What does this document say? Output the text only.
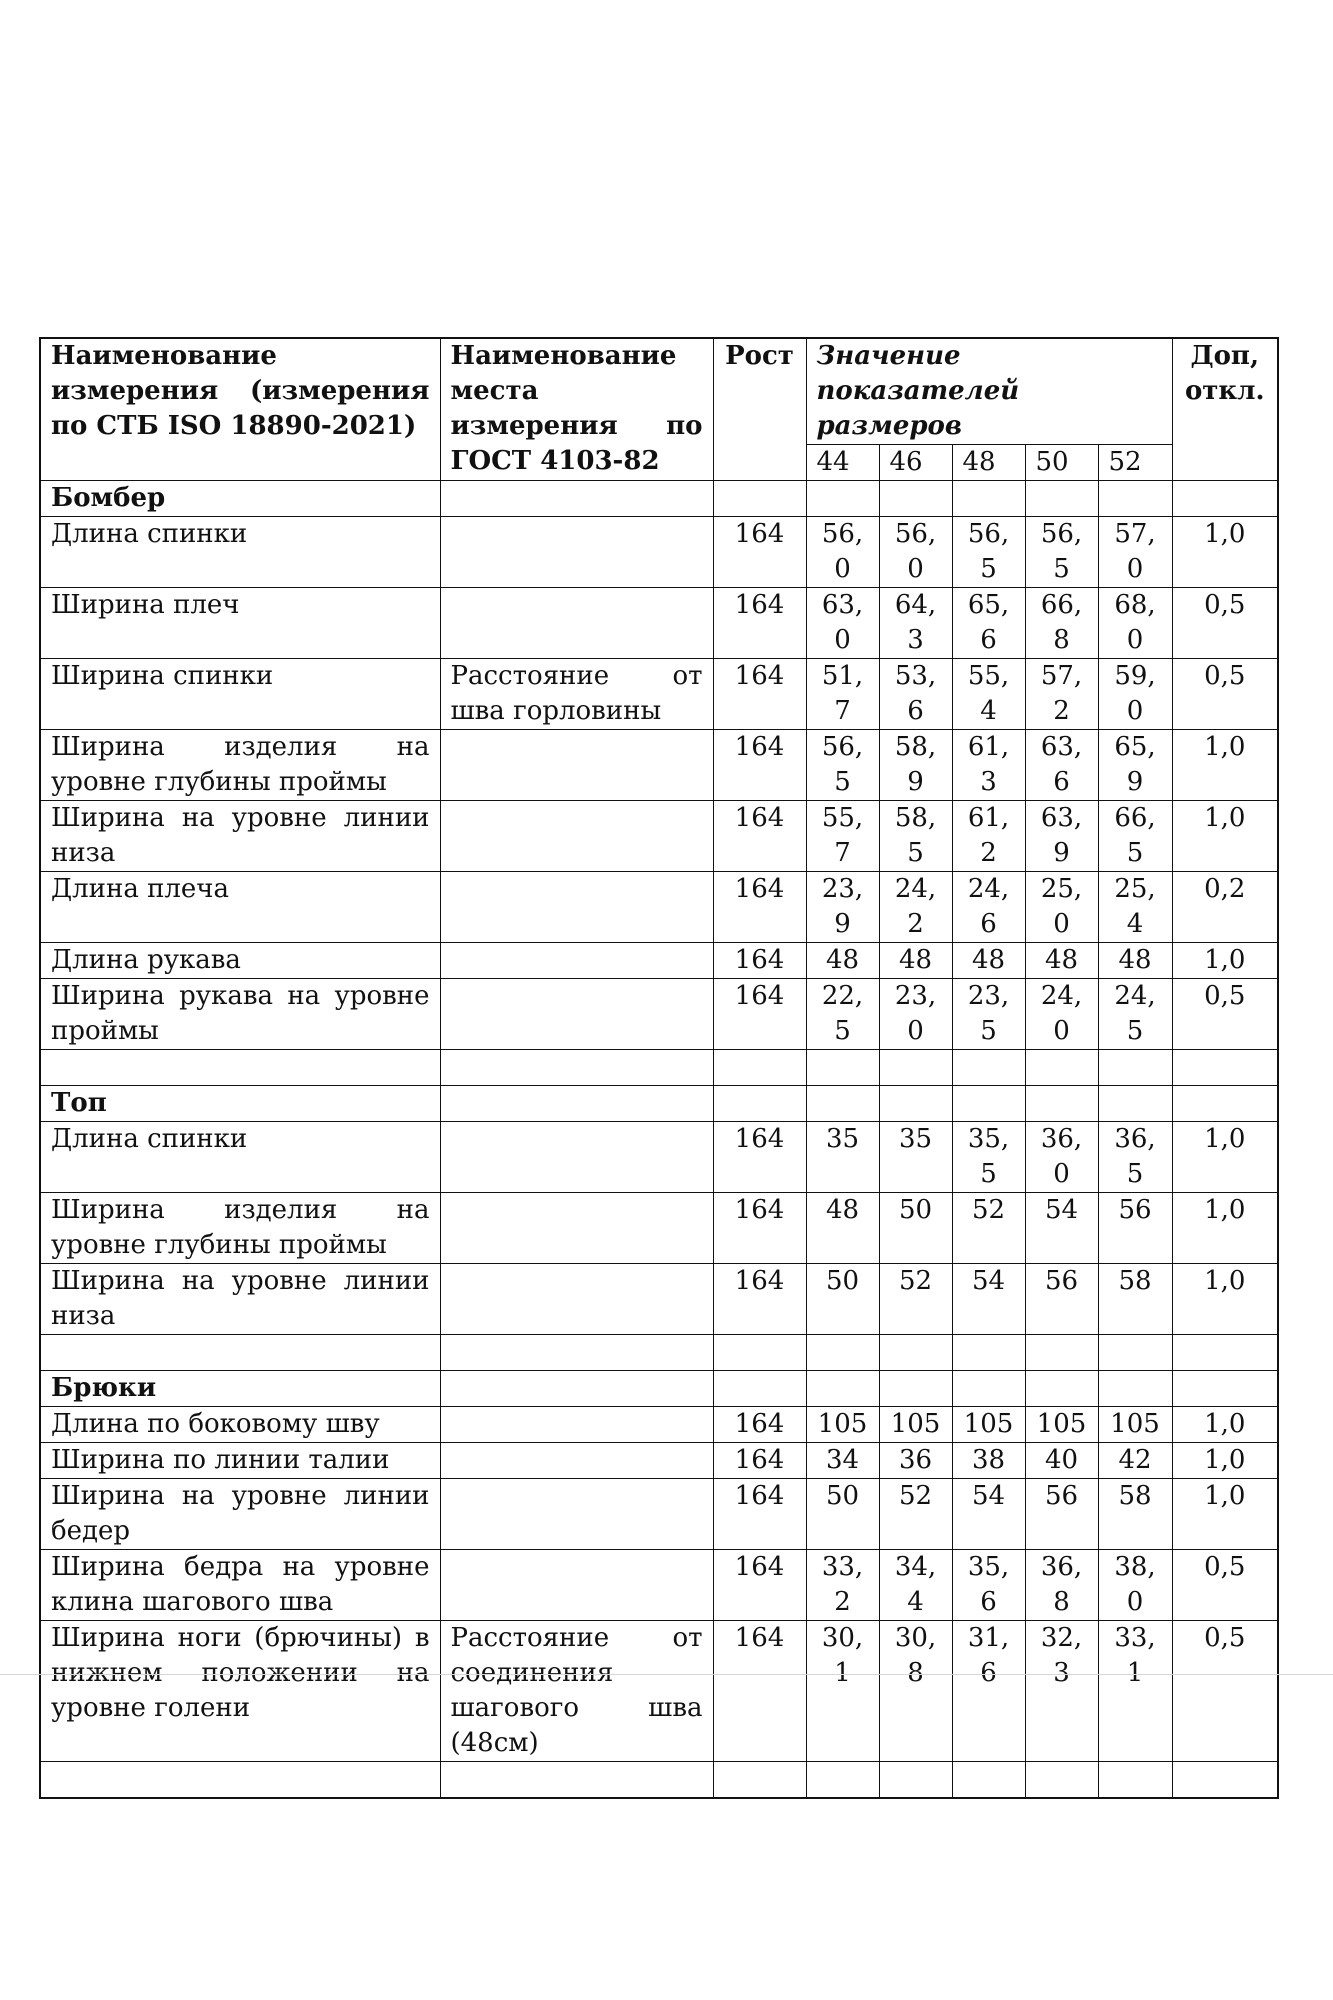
Наименование измерения (измерения по СТБ ISO 18890-2021)	Наименование места измерения по ГОСТ 4103-82	Рост	Значение показателей размеров					Доп, откл.
			44	46	48	50	52	
Бомбер								
Длина спинки		164	56,0	56,0	56,5	56,5	57,0	1,0
Ширина плеч		164	63,0	64,3	65,6	66,8	68,0	0,5
Ширина спинки	Расстояние от шва горловины	164	51,7	53,6	55,4	57,2	59,0	0,5
Ширина изделия на уровне глубины проймы		164	56,5	58,9	61,3	63,6	65,9	1,0
Ширина на уровне линии низа		164	55,7	58,5	61,2	63,9	66,5	1,0
Длина плеча		164	23,9	24,2	24,6	25,0	25,4	0,2
Длина рукава		164	48	48	48	48	48	1,0
Ширина рукава на уровне проймы		164	22,5	23,0	23,5	24,0	24,5	0,5

Топ								
Длина спинки		164	35	35	35,5	36,0	36,5	1,0
Ширина изделия на уровне глубины проймы		164	48	50	52	54	56	1,0
Ширина на уровне линии низа		164	50	52	54	56	58	1,0

Брюки								
Длина по боковому шву		164	105	105	105	105	105	1,0
Ширина по линии талии		164	34	36	38	40	42	1,0
Ширина на уровне линии бедер		164	50	52	54	56	58	1,0
Ширина бедра на уровне клина шагового шва		164	33,2	34,4	35,6	36,8	38,0	0,5
Ширина ноги (брючины) в нижнем положении на уровне голени	Расстояние от соединения шагового шва (48см)	164	30,1	30,8	31,6	32,3	33,1	0,5
